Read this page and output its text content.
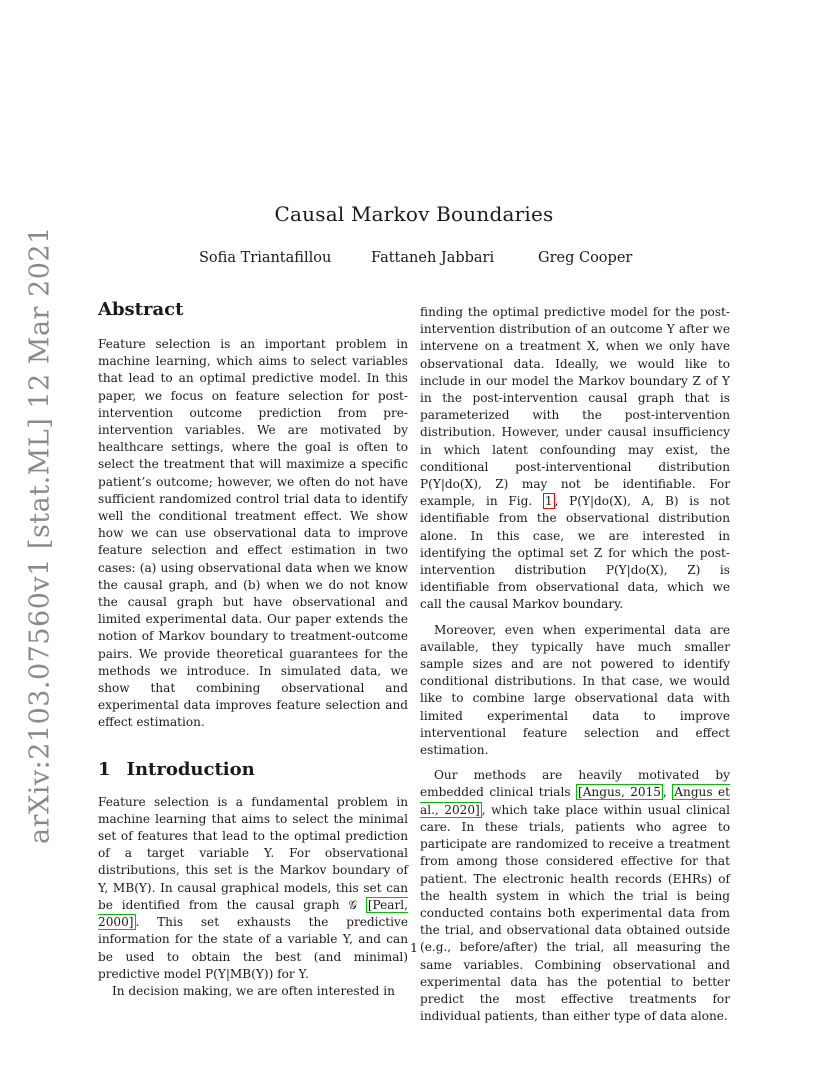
arXiv:2103.07560v1 [stat.ML] 12 Mar 2021
Causal Markov Boundaries
Sofia Triantafillou	Fattaneh Jabbari	Greg Cooper
Abstract

Feature selection is an important problem in machine learning, which aims to select variables that lead to an optimal predictive model. In this paper, we focus on feature selection for post-intervention outcome prediction from pre-intervention variables. We are motivated by healthcare settings, where the goal is often to select the treatment that will maximize a specific patient’s outcome; however, we often do not have sufficient randomized control trial data to identify well the conditional treatment effect. We show how we can use observational data to improve feature selection and effect estimation in two cases: (a) using observational data when we know the causal graph, and (b) when we do not know the causal graph but have observational and limited experimental data. Our paper extends the notion of Markov boundary to treatment-outcome pairs. We provide theoretical guarantees for the methods we introduce. In simulated data, we show that combining observational and experimental data improves feature selection and effect estimation.

1 Introduction

Feature selection is a fundamental problem in machine learning that aims to select the minimal set of features that lead to the optimal prediction of a target variable Y. For observational distributions, this set is the Markov boundary of Y, MB(Y). In causal graphical models, this set can be identified from the causal graph 𝒢 [Pearl, 2000] . This set exhausts the predictive information for the state of a variable Y, and can be used to obtain the best (and minimal) predictive model P(Y|MB(Y)) for Y.

In decision making, we are often interested in

finding the optimal predictive model for the post-intervention distribution of an outcome Y after we intervene on a treatment X, when we only have observational data. Ideally, we would like to include in our model the Markov boundary Z of Y in the post-intervention causal graph that is parameterized with the post-intervention distribution. However, under causal insufficiency in which latent confounding may exist, the conditional post-interventional distribution P(Y|do(X), Z) may not be identifiable. For example, in Fig. 1 , P(Y|do(X), A, B) is not identifiable from the observational distribution alone. In this case, we are interested in identifying the optimal set Z for which the post-intervention distribution P(Y|do(X), Z) is identifiable from observational data, which we call the causal Markov boundary.

Moreover, even when experimental data are available, they typically have much smaller sample sizes and are not powered to identify conditional distributions. In that case, we would like to combine large observational data with limited experimental data to improve interventional feature selection and effect estimation.

Our methods are heavily motivated by embedded clinical trials [Angus, 2015 , Angus et al., 2020] , which take place within usual clinical care. In these trials, patients who agree to participate are randomized to receive a treatment from among those considered effective for that patient. The electronic health records (EHRs) of the health system in which the trial is being conducted contains both experimental data from the trial, and observational data obtained outside (e.g., before/after) the trial, all measuring the same variables. Combining observational and experimental data has the potential to better predict the most effective treatments for individual patients, than either type of data alone.

1
